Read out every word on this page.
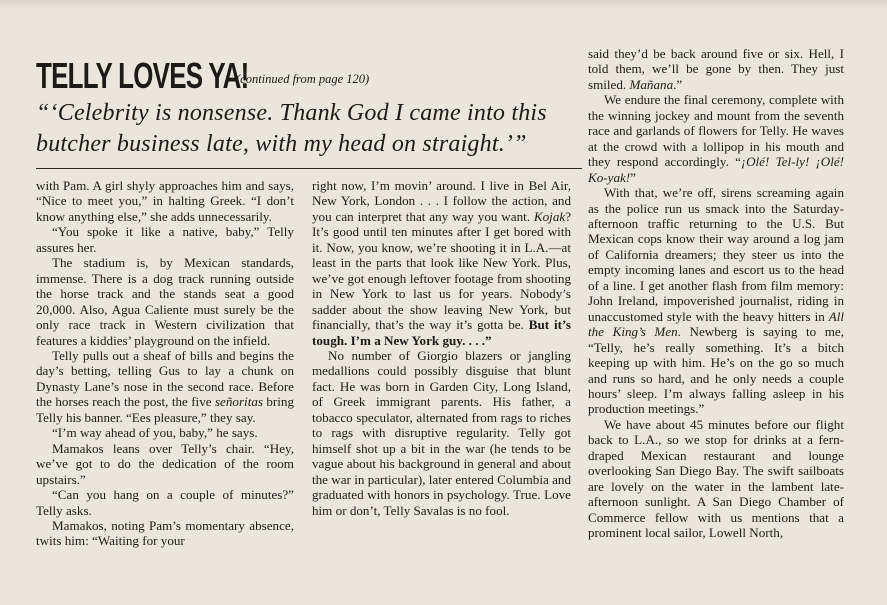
TELLY LOVES YA!
(continued from page 120)
“‘Celebrity is nonsense. Thank God I came into this butcher business late, with my head on straight.’”

with Pam. A girl shyly approaches him and says, “Nice to meet you,” in halting Greek. “I don’t know anything else,” she adds unnecessarily.

“You spoke it like a native, baby,” Telly assures her.

The stadium is, by Mexican standards, immense. There is a dog track running outside the horse track and the stands seat a good 20,000. Also, Agua Caliente must surely be the only race track in Western civilization that features a kiddies’ playground on the infield.

Telly pulls out a sheaf of bills and begins the day’s betting, telling Gus to lay a chunk on Dynasty Lane’s nose in the second race. Before the horses reach the post, the five señoritas bring Telly his banner. “Ees pleasure,” they say.

“I’m way ahead of you, baby,” he says.

Mamakos leans over Telly’s chair. “Hey, we’ve got to do the dedication of the room upstairs.”

“Can you hang on a couple of minutes?” Telly asks.

Mamakos, noting Pam’s momentary absence, twits him: “Waiting for your

right now, I’m movin’ around. I live in Bel Air, New York, London . . . I follow the action, and you can interpret that any way you want. Kojak? It’s good until ten minutes after I get bored with it. Now, you know, we’re shooting it in L.A.—at least in the parts that look like New York. Plus, we’ve got enough leftover footage from shooting in New York to last us for years. Nobody’s sadder about the show leaving New York, but financially, that’s the way it’s gotta be. But it’s tough. I’m a New York guy. . . .”

No number of Giorgio blazers or jangling medallions could possibly disguise that blunt fact. He was born in Garden City, Long Island, of Greek immigrant parents. His father, a tobacco speculator, alternated from rags to riches to rags with disruptive regularity. Telly got himself shot up a bit in the war (he tends to be vague about his background in general and about the war in particular), later entered Columbia and graduated with honors in psychology. True. Love him or don’t, Telly Savalas is no fool.

said they’d be back around five or six. Hell, I told them, we’ll be gone by then. They just smiled. Mañana.”

We endure the final ceremony, complete with the winning jockey and mount from the seventh race and garlands of flowers for Telly. He waves at the crowd with a lollipop in his mouth and they respond accordingly. “¡Olé! Tel-ly! ¡Olé! Ko-yak!”

With that, we’re off, sirens screaming again as the police run us smack into the Saturday-afternoon traffic returning to the U.S. But Mexican cops know their way around a log jam of California dreamers; they steer us into the empty incoming lanes and escort us to the head of a line. I get another flash from film memory: John Ireland, impoverished journalist, riding in unaccustomed style with the heavy hitters in All the King’s Men. Newberg is saying to me, “Telly, he’s really something. It’s a bitch keeping up with him. He’s on the go so much and runs so hard, and he only needs a couple hours’ sleep. I’m always falling asleep in his production meetings.”

We have about 45 minutes before our flight back to L.A., so we stop for drinks at a fern-draped Mexican restaurant and lounge overlooking San Diego Bay. The swift sailboats are lovely on the water in the lambent late-afternoon sunlight. A San Diego Chamber of Commerce fellow with us mentions that a prominent local sailor, Lowell North,
